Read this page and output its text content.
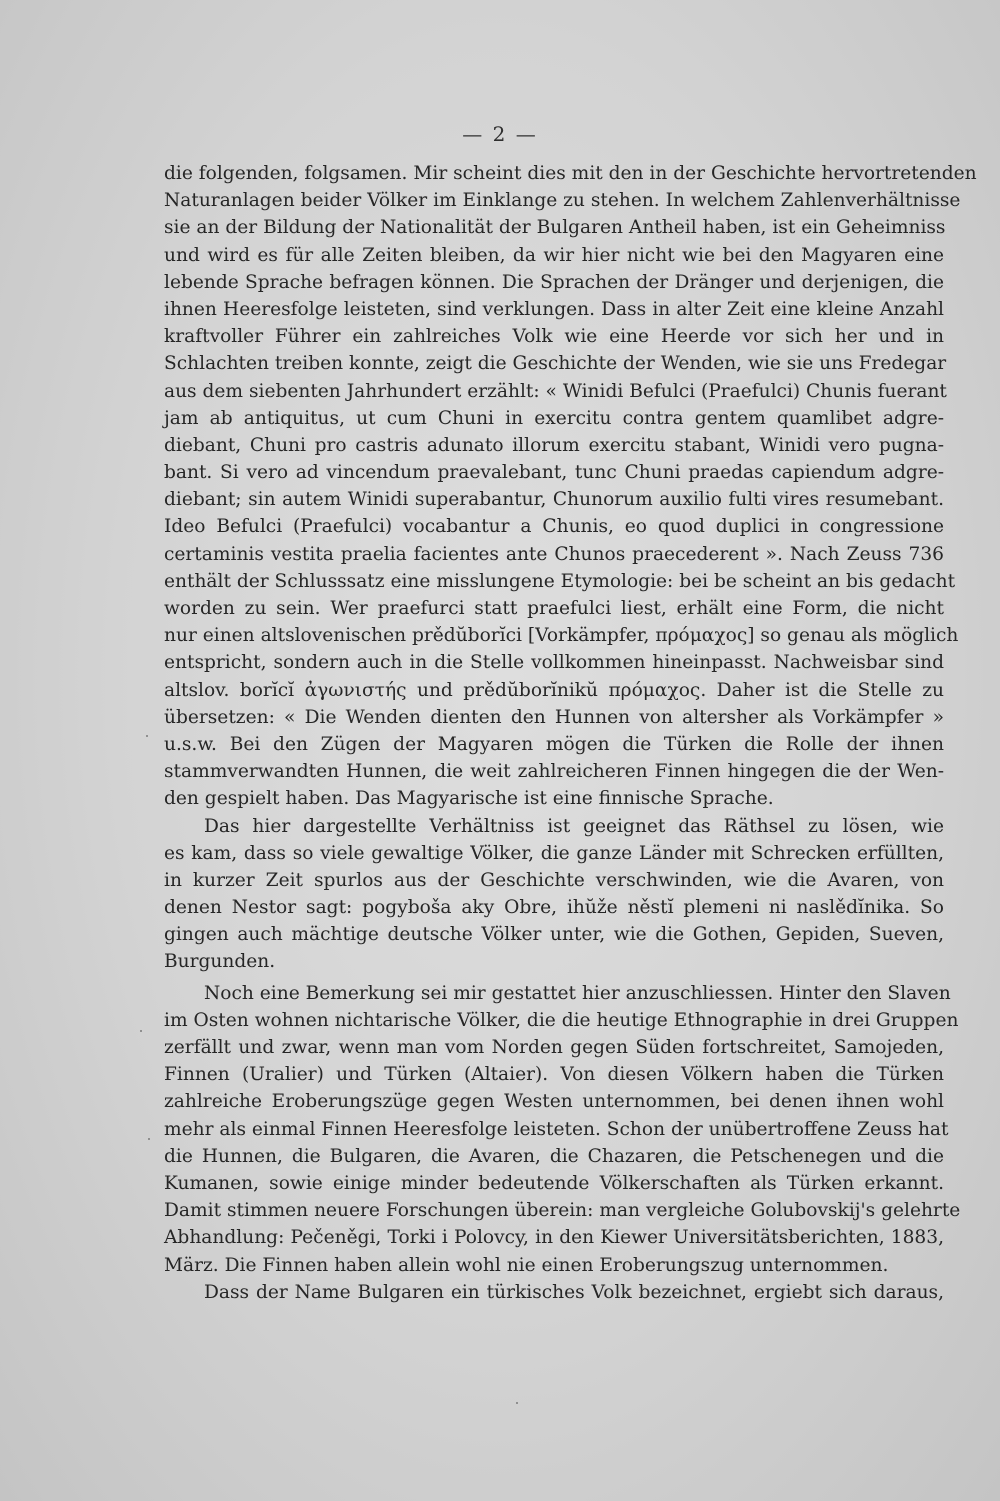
— 2 —
die folgenden, folgsamen. Mir scheint dies mit den in der Geschichte hervortretenden
Naturanlagen beider Völker im Einklange zu stehen. In welchem Zahlenverhältnisse
sie an der Bildung der Nationalität der Bulgaren Antheil haben, ist ein Geheimniss
und wird es für alle Zeiten bleiben, da wir hier nicht wie bei den Magyaren eine
lebende Sprache befragen können. Die Sprachen der Dränger und derjenigen, die
ihnen Heeresfolge leisteten, sind verklungen. Dass in alter Zeit eine kleine Anzahl
kraftvoller Führer ein zahlreiches Volk wie eine Heerde vor sich her und in
Schlachten treiben konnte, zeigt die Geschichte der Wenden, wie sie uns Fredegar
aus dem siebenten Jahrhundert erzählt: « Winidi Befulci (Praefulci) Chunis fuerant
jam ab antiquitus, ut cum Chuni in exercitu contra gentem quamlibet adgre-
diebant, Chuni pro castris adunato illorum exercitu stabant, Winidi vero pugna-
bant. Si vero ad vincendum praevalebant, tunc Chuni praedas capiendum adgre-
diebant; sin autem Winidi superabantur, Chunorum auxilio fulti vires resumebant.
Ideo Befulci (Praefulci) vocabantur a Chunis, eo quod duplici in congressione
certaminis vestita praelia facientes ante Chunos praecederent ». Nach Zeuss 736
enthält der Schlusssatz eine misslungene Etymologie: bei be scheint an bis gedacht
worden zu sein. Wer praefurci statt praefulci liest, erhält eine Form, die nicht
nur einen altslovenischen prědŭborĭci [Vorkämpfer, πρόμαχος] so genau als möglich
entspricht, sondern auch in die Stelle vollkommen hineinpasst. Nachweisbar sind
altslov. borĭcĭ ἀγωνιστής und prědŭborĭnikŭ πρόμαχος. Daher ist die Stelle zu
übersetzen: « Die Wenden dienten den Hunnen von altersher als Vorkämpfer »
u.s.w. Bei den Zügen der Magyaren mögen die Türken die Rolle der ihnen
stammverwandten Hunnen, die weit zahlreicheren Finnen hingegen die der Wen-
den gespielt haben. Das Magyarische ist eine finnische Sprache.
Das hier dargestellte Verhältniss ist geeignet das Räthsel zu lösen, wie
es kam, dass so viele gewaltige Völker, die ganze Länder mit Schrecken erfüllten,
in kurzer Zeit spurlos aus der Geschichte verschwinden, wie die Avaren, von
denen Nestor sagt: pogyboša aky Obre, ihŭže něstĭ plemeni ni naslědĭnika. So
gingen auch mächtige deutsche Völker unter, wie die Gothen, Gepiden, Sueven,
Burgunden.
Noch eine Bemerkung sei mir gestattet hier anzuschliessen. Hinter den Slaven
im Osten wohnen nichtarische Völker, die die heutige Ethnographie in drei Gruppen
zerfällt und zwar, wenn man vom Norden gegen Süden fortschreitet, Samojeden,
Finnen (Uralier) und Türken (Altaier). Von diesen Völkern haben die Türken
zahlreiche Eroberungszüge gegen Westen unternommen, bei denen ihnen wohl
mehr als einmal Finnen Heeresfolge leisteten. Schon der unübertroffene Zeuss hat
die Hunnen, die Bulgaren, die Avaren, die Chazaren, die Petschenegen und die
Kumanen, sowie einige minder bedeutende Völkerschaften als Türken erkannt.
Damit stimmen neuere Forschungen überein: man vergleiche Golubovskij's gelehrte
Abhandlung: Pečeněgi, Torki i Polovcy, in den Kiewer Universitätsberichten, 1883,
März. Die Finnen haben allein wohl nie einen Eroberungszug unternommen.
Dass der Name Bulgaren ein türkisches Volk bezeichnet, ergiebt sich daraus,
